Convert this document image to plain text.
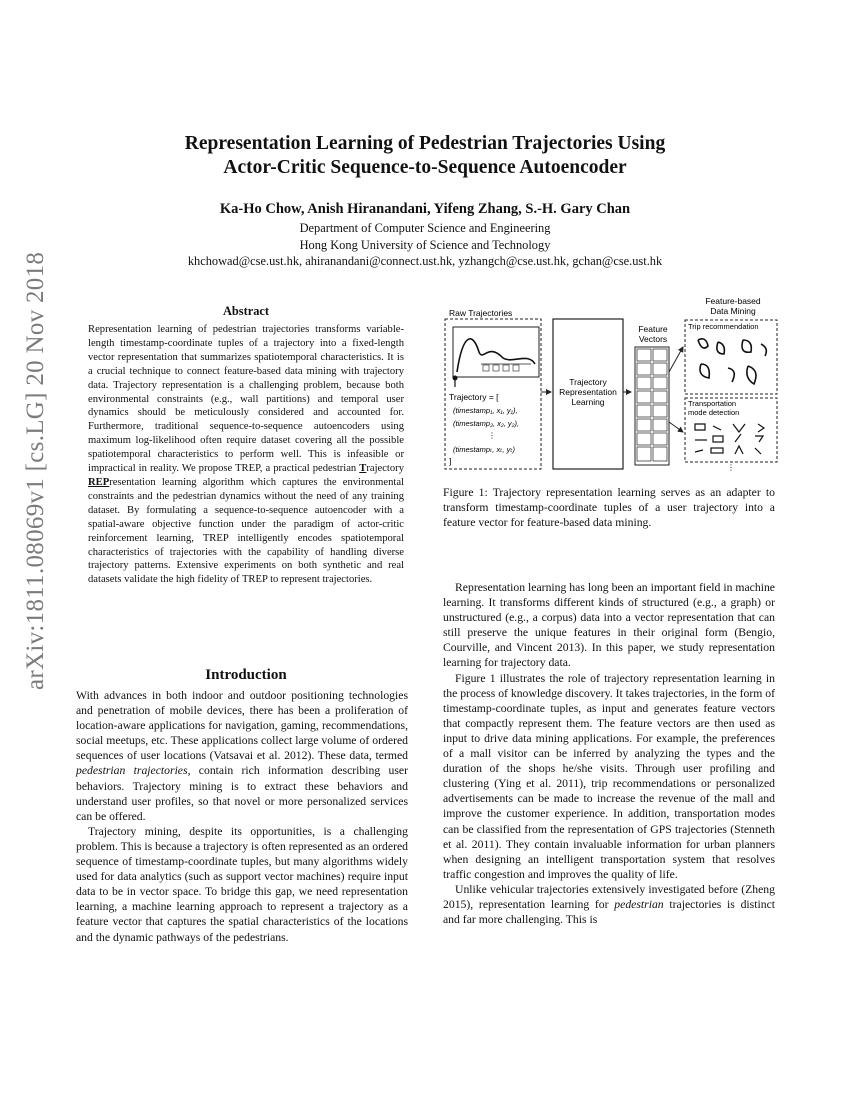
arXiv:1811.08069v1 [cs.LG] 20 Nov 2018
Representation Learning of Pedestrian Trajectories Using
Actor-Critic Sequence-to-Sequence Autoencoder
Ka-Ho Chow, Anish Hiranandani, Yifeng Zhang, S.-H. Gary Chan
Department of Computer Science and Engineering
Hong Kong University of Science and Technology
khchowad@cse.ust.hk, ahiranandani@connect.ust.hk, yzhangch@cse.ust.hk, gchan@cse.ust.hk
Abstract

Representation learning of pedestrian trajectories transforms variable-length timestamp-coordinate tuples of a trajectory into a fixed-length vector representation that summarizes spatiotemporal characteristics. It is a crucial technique to connect feature-based data mining with trajectory data. Trajectory representation is a challenging problem, because both environmental constraints (e.g., wall partitions) and temporal user dynamics should be meticulously considered and accounted for. Furthermore, traditional sequence-to-sequence autoencoders using maximum log-likelihood often require dataset covering all the possible spatiotemporal characteristics to perform well. This is infeasible or impractical in reality. We propose TREP, a practical pedestrian Trajectory REPresentation learning algorithm which captures the environmental constraints and the pedestrian dynamics without the need of any training dataset. By formulating a sequence-to-sequence autoencoder with a spatial-aware objective function under the paradigm of actor-critic reinforcement learning, TREP intelligently encodes spatiotemporal characteristics of trajectories with the capability of handling diverse trajectory patterns. Extensive experiments on both synthetic and real datasets validate the high fidelity of TREP to represent trajectories.

Introduction

With advances in both indoor and outdoor positioning technologies and penetration of mobile devices, there has been a proliferation of location-aware applications for navigation, gaming, recommendations, social meetups, etc. These applications collect large volume of ordered sequences of user locations (Vatsavai et al. 2012). These data, termed pedestrian trajectories, contain rich information describing user behaviors. Trajectory mining is to extract these behaviors and understand user profiles, so that novel or more personalized services can be offered.

Trajectory mining, despite its opportunities, is a challenging problem. This is because a trajectory is often represented as an ordered sequence of timestamp-coordinate tuples, but many algorithms widely used for data analytics (such as support vector machines) require input data to be in vector space. To bridge this gap, we need representation learning, a machine learning approach to represent a trajectory as a feature vector that captures the spatial characteristics of the locations and the dynamic pathways of the pedestrians.

Raw Trajectories
Trajectory = [
(timestamp₁, x₁, y₁),
(timestamp₂, x₂, y₂),
⋮
(timestampₜ, xₜ, yₜ)
]
Trajectory
Representation
Learning
Feature
Vectors
Feature-based
Data Mining
Trip recommendation
Transportation
mode detection
⋮

Figure 1: Trajectory representation learning serves as an adapter to transform timestamp-coordinate tuples of a user trajectory into a feature vector for feature-based data mining.

Representation learning has long been an important field in machine learning. It transforms different kinds of structured (e.g., a graph) or unstructured (e.g., a corpus) data into a vector representation that can still preserve the unique features in their original form (Bengio, Courville, and Vincent 2013). In this paper, we study representation learning for trajectory data.

Figure 1 illustrates the role of trajectory representation learning in the process of knowledge discovery. It takes trajectories, in the form of timestamp-coordinate tuples, as input and generates feature vectors that compactly represent them. The feature vectors are then used as input to drive data mining applications. For example, the preferences of a mall visitor can be inferred by analyzing the types and the duration of the shops he/she visits. Through user profiling and clustering (Ying et al. 2011), trip recommendations or personalized advertisements can be made to increase the revenue of the mall and improve the customer experience. In addition, transportation modes can be classified from the representation of GPS trajectories (Stenneth et al. 2011). They contain invaluable information for urban planners when designing an intelligent transportation system that resolves traffic congestion and improves the quality of life.

Unlike vehicular trajectories extensively investigated before (Zheng 2015), representation learning for pedestrian trajectories is distinct and far more challenging. This is
